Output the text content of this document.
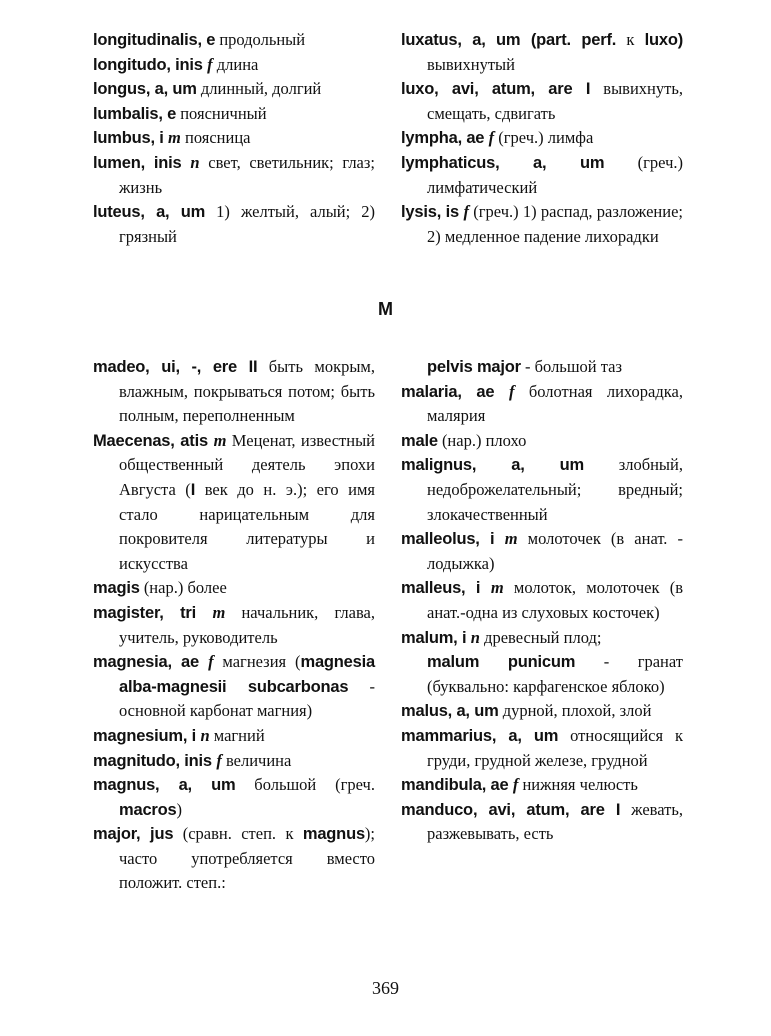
longitudinalis, e продольный

longitudo, inis f длина

longus, a, um длинный, долгий

lumbalis, e поясничный

lumbus, i m поясница

lumen, inis n свет, светильник; глаз; жизнь

luteus, a, um 1) желтый, алый; 2) грязный

luxatus, a, um (part. perf. к luxo) вывихнутый

luxo, avi, atum, are I вывихнуть, смещать, сдвигать

lympha, ae f (греч.) лимфа

lymphaticus, a, um (греч.) лимфатический

lysis, is f (греч.) 1) распад, разложение; 2) медленное падение лихорадки

M

madeo, ui, -, ere II быть мокрым, влажным, покрываться потом; быть полным, переполненным

Maecenas, atis m Меценат, известный общественный деятель эпохи Августа (I век до н. э.); его имя стало нарицательным для покровителя литературы и искусства

magis (нар.) более

magister, tri m начальник, глава, учитель, руководитель

magnesia, ae f магнезия (magnesia alba-magnesii subcarbonas - основной карбонат магния)

magnesium, i n магний

magnitudo, inis f величина

magnus, a, um большой (греч. macros)

major, jus (сравн. степ. к magnus); часто употребляется вместо положит. степ.:

pelvis major - большой таз

malaria, ae f болотная лихорадка, малярия

male (нар.) плохо

malignus, a, um злобный, недоброжелательный; вредный; злокачественный

malleolus, i m молоточек (в анат. - лодыжка)

malleus, i m молоток, молоточек (в анат.-одна из слуховых косточек)

malum, i n древесный плод;

malum punicum - гранат (буквально: карфагенское яблоко)

malus, a, um дурной, плохой, злой

mammarius, a, um относящийся к груди, грудной железе, грудной

mandibula, ae f нижняя челюсть

manduco, avi, atum, are I жевать, разжевывать, есть

369
